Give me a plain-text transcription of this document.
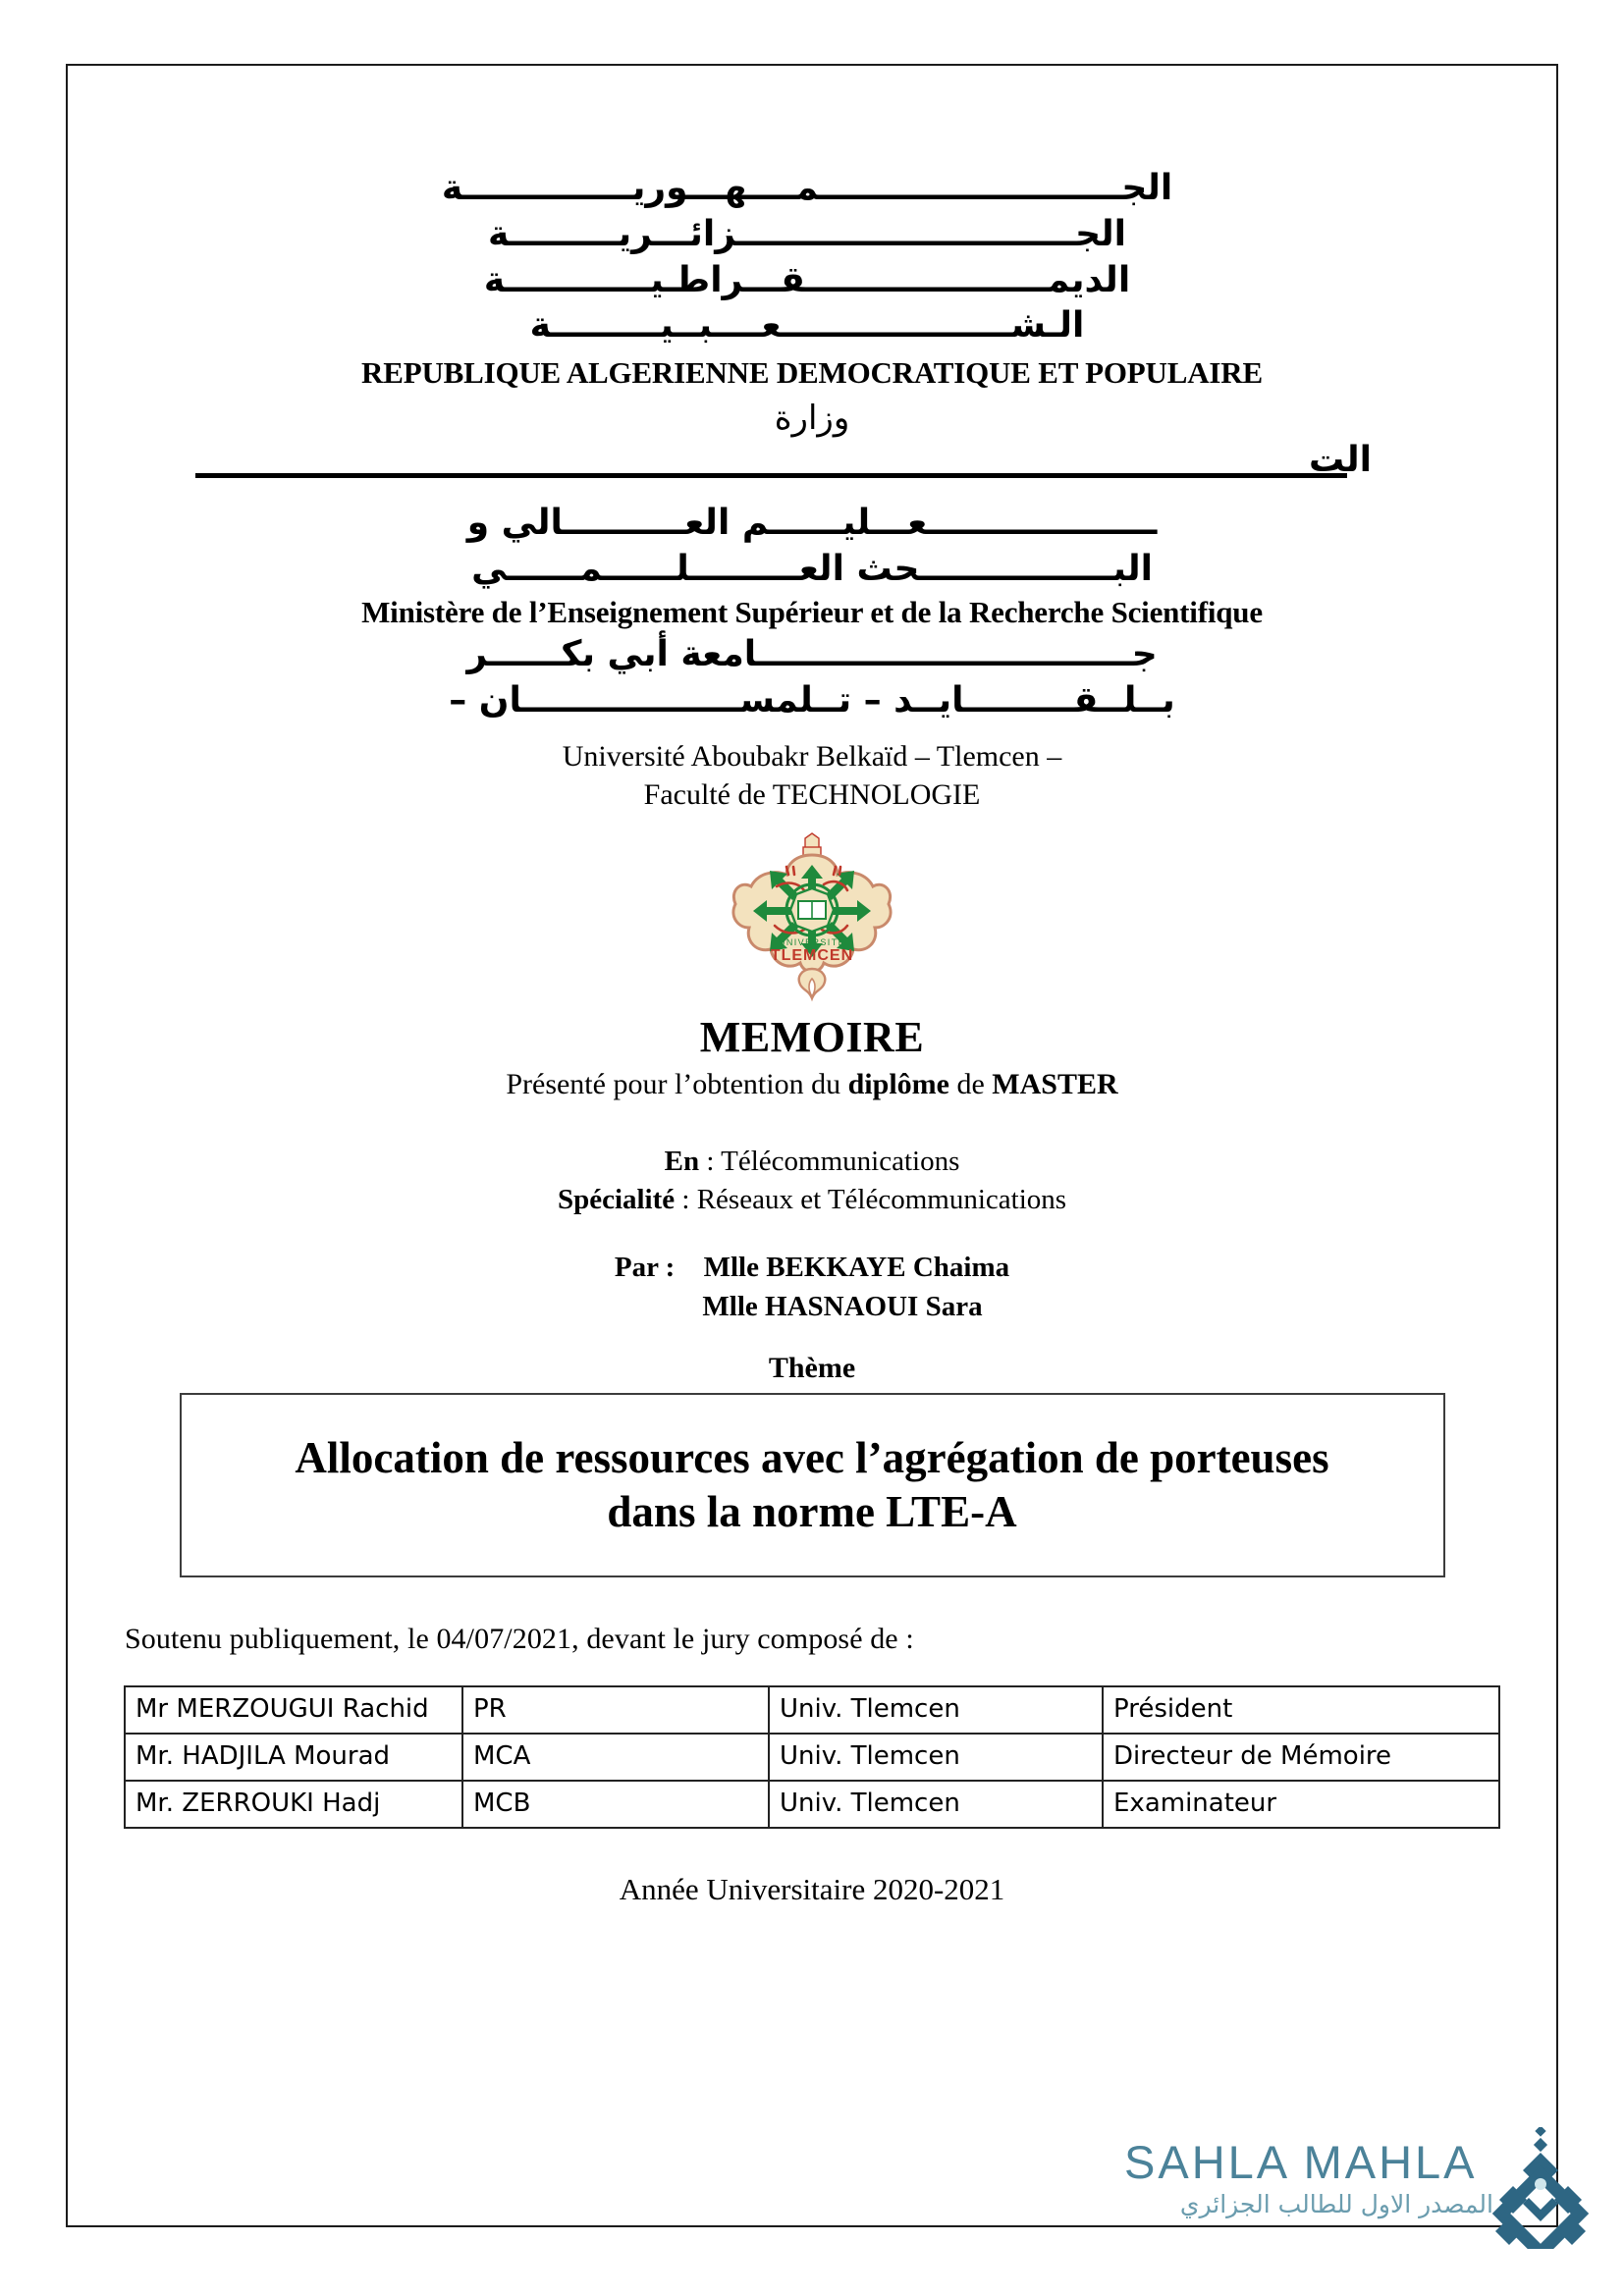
الجـــــــــــــــــــــــــمــــهـــوريــــــــــــــة
الجــــــــــــــــــــــــــــزائـــريـــــــــة
الديمــــــــــــــــــــقـــراطـيــــــــــــة
الـشـــــــــــــــــــعــــبــيـــــــــة
REPUBLIQUE ALGERIENNE DEMOCRATIQUE ET POPULAIRE
وزارة
الت
ـــــــــــــــــــعـــليــــــم العــــــــــالي و
البــــــــــــــــحث العـــــــــلــــــمــــــي
Ministère de l’Enseignement Supérieur et de la Recherche Scientifique
جـــــــــــــــــــــــــــــــامعة أبي بكــــــر
بــلــقـــــــــايــد – تــلمســــــــــــــــــان –
Université Aboubakr Belkaïd – Tlemcen –
Faculté de TECHNOLOGIE
UNIVERSITE
TLEMCEN
MEMOIRE
Présenté pour l’obtention du diplôme de MASTER
En : Télécommunications
Spécialité : Réseaux et Télécommunications
Par : Mlle BEKKAYE Chaima
Mlle HASNAOUI Sara
Thème
Allocation de ressources avec l’agrégation de porteuses
dans la norme LTE-A
Soutenu publiquement, le 04/07/2021, devant le jury composé de :
Mr MERZOUGUI Rachid	PR	Univ. Tlemcen	Président
Mr. HADJILA Mourad	MCA	Univ. Tlemcen	Directeur de Mémoire
Mr. ZERROUKI Hadj	MCB	Univ. Tlemcen	Examinateur
Année Universitaire 2020-2021
SAHLA MAHLA
المصدر الاول للطالب الجزائري
